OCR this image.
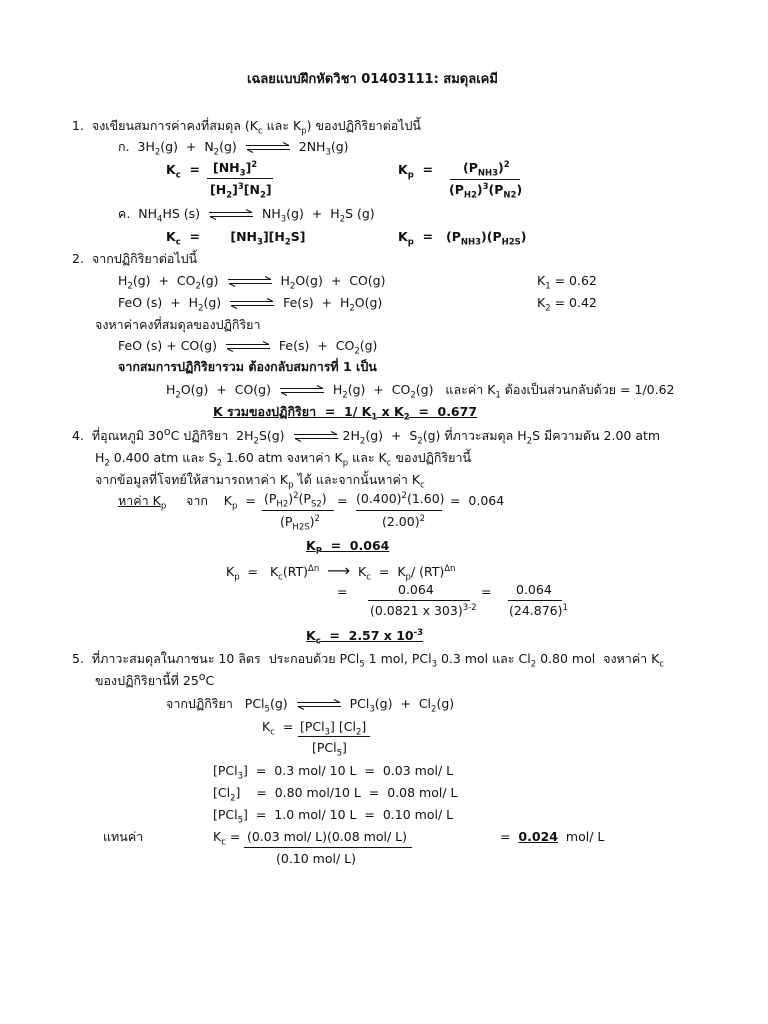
เฉลยแบบฝึกหัดวิชา 01403111: สมดุลเคมี
1.  จงเขียนสมการค่าคงที่สมดุล ($K_c$ และ $K_p$) ของปฏิกิริยาต่อไปนี้
ก.  $3H_2(g) + N_2(g)$	$2NH_3(g)$
$K_c = [NH_3]^2$
$[H_2]^3[N_2]$
$K_p = (P_{NH3})^2$
$(P_{H2})^3(P_{N2})$
ค.  $NH_4HS$ (s)	$NH_3(g) + H_2S$ (g)
$K_c$  =       $[NH_3][H_2S]$	$K_p = (P_{NH3})(P_{H2S})$
2. จากปฏิกิริยาต่อไปนี้
$H_2(g) + CO_2(g)$	$H_2O(g) + CO(g)$	$K_1 = 0.62$
FeO $(s) + H_2(g)$	$Fe(s) + H_2O(g)$	$K_2 = 0.42$
จงหาค่าคงที่สมดุลของปฏิกิริยา
FeO (s) + CO(g)	$Fe(s) + CO_2(g)$
จากสมการปฏิกิริยารวม ต้องกลับสมการที่ 1 เป็น
$H_2O(g) + CO(g)$	$H_2(g) + CO_2(g)$   และค่า $K_1$ ต้องเป็นส่วนกลับด้วย = 1/0.62
K รวมของปฏิกิริยา  =  1/ $K_1$ x $K_2 = 0.677$
4.  ที่อุณหภูมิ 30$^o$C ปฏิกิริยา  $2H_2S(g)$	$2H_2(g) + S_2(g)$ ที่ภาวะสมดุล $H_2S$ มีความดัน 2.00 atm
$H_2$ 0.400 atm และ $S_2$ 1.60 atm จงหาค่า $K_p$ และ $K_c$ ของปฏิกิริยานี้
จากข้อมูลที่โจทย์ให้สามารถหาค่า $K_p$ ได้ และจากนั้นหาค่า $K_c$
หาค่า $K_p$ จาก    $K_p = (P_{H2})^2(P_{S2})$
$(P_{H2S})^2$
= $(0.400)^2(1.60)$
$(2.00)^2$
=  0.064
$K_P = 0.064$
$K_p = K_c(RT)^{\Delta n}$ ⟶  $K_c = K_p/$ (RT)$^{\Delta n}$
=	0.064
(0.0821 x 303)$^{3-2}$
= 0.064
$(24.876)^1$
$K_c = 2.57$ x $10^{-3}$
5.  ที่ภาวะสมดุลในภาชนะ 10 ลิตร  ประกอบด้วย PCl$_5$ 1 mol, PCl$_3$ 0.3 mol และ $Cl_2$ 0.80 mol  จงหาค่า $K_c$
ของปฏิกิริยานี้ที่ 25$^o$C
จากปฏิกิริยา   PCl$_5$(g)	$PCl_3(g) + Cl_2(g)$
$K_c = [PCl_3]$ $[Cl_2]$
[PCl$_5$]
[PCl$_3$]  =  0.3 mol/ 10 L  =  0.03 mol/ L
$[Cl_2]$    =  0.80 mol/10 L  =  0.08 mol/ L
[PCl$_5$]  =  1.0 mol/ 10 L  =  0.10 mol/ L
แทนค่า	$K_c = (0.03$ mol/ L)(0.08 mol/ L)
(0.10 mol/ L)
=  0.024 mol/ L
